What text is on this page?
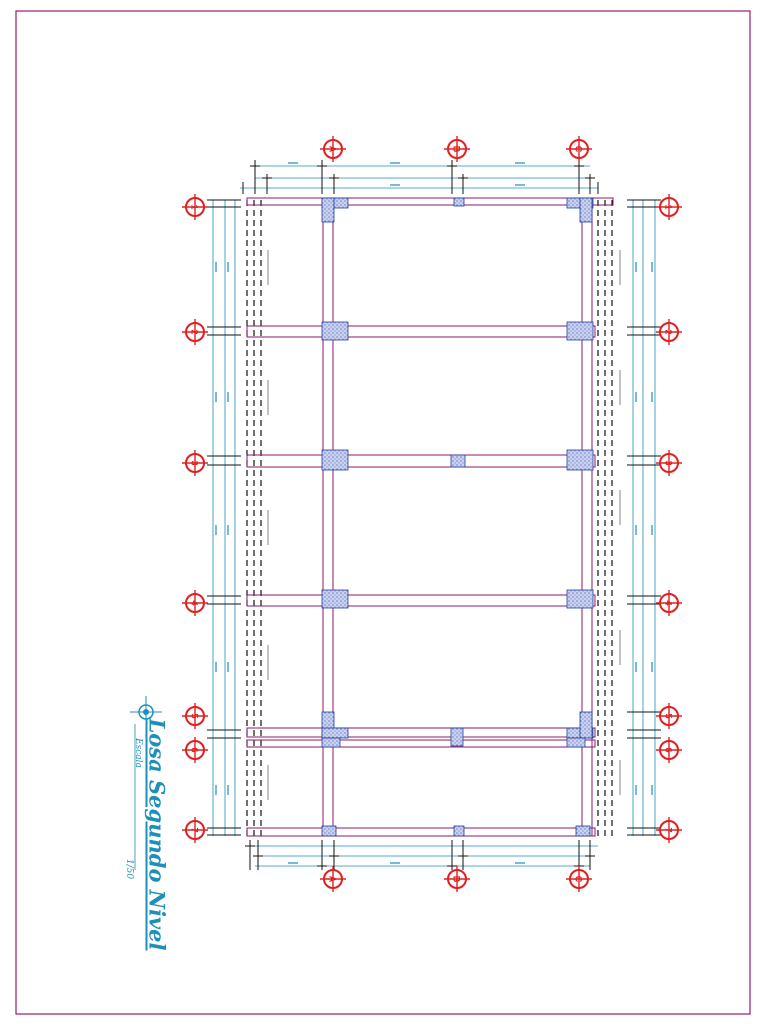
A
A
B
B
C
C
1	1
2	2
3	3
4	4
5	5
6	6
7	7
Losa Segundo Nivel
Escala
1/50
